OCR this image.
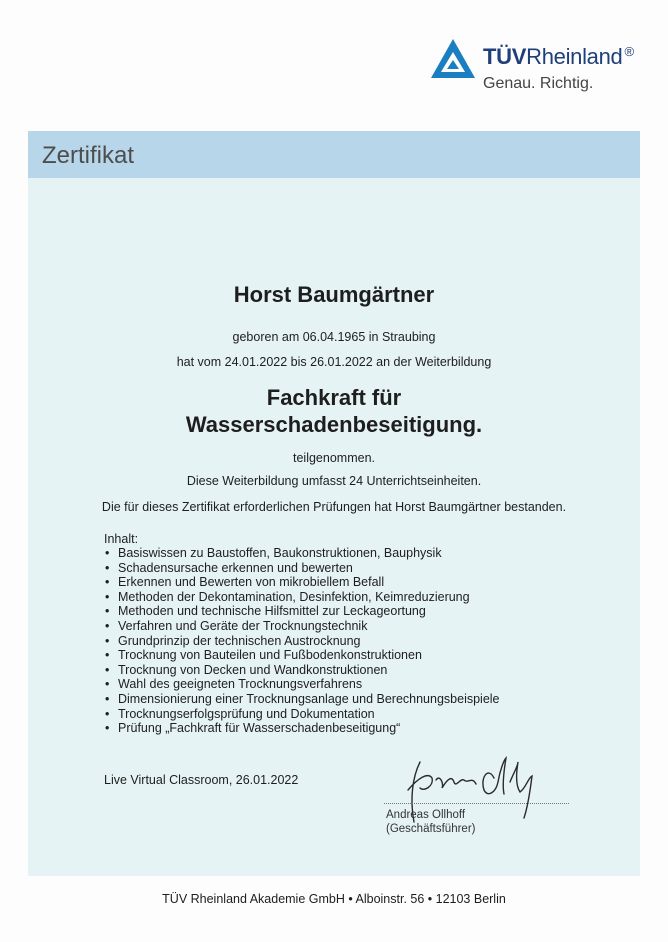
TÜVRheinland ®
Genau. Richtig.
Zertifikat
Horst Baumgärtner
geboren am 06.04.1965 in Straubing
hat vom 24.01.2022 bis 26.01.2022 an der Weiterbildung
Fachkraft für
Wasserschadenbeseitigung.
teilgenommen.
Diese Weiterbildung umfasst 24 Unterrichtseinheiten.
Die für dieses Zertifikat erforderlichen Prüfungen hat Horst Baumgärtner bestanden.
Inhalt:
• Basiswissen zu Baustoffen, Baukonstruktionen, Bauphysik
• Schadensursache erkennen und bewerten
• Erkennen und Bewerten von mikrobiellem Befall
• Methoden der Dekontamination, Desinfektion, Keimreduzierung
• Methoden und technische Hilfsmittel zur Leckageortung
• Verfahren und Geräte der Trocknungstechnik
• Grundprinzip der technischen Austrocknung
• Trocknung von Bauteilen und Fußbodenkonstruktionen
• Trocknung von Decken und Wandkonstruktionen
• Wahl des geeigneten Trocknungsverfahrens
• Dimensionierung einer Trocknungsanlage und Berechnungsbeispiele
• Trocknungserfolgsprüfung und Dokumentation
• Prüfung „Fachkraft für Wasserschadenbeseitigung“
Live Virtual Classroom, 26.01.2022
Andreas Ollhoff
(Geschäftsführer)
TÜV Rheinland Akademie GmbH • Alboinstr. 56 • 12103 Berlin
